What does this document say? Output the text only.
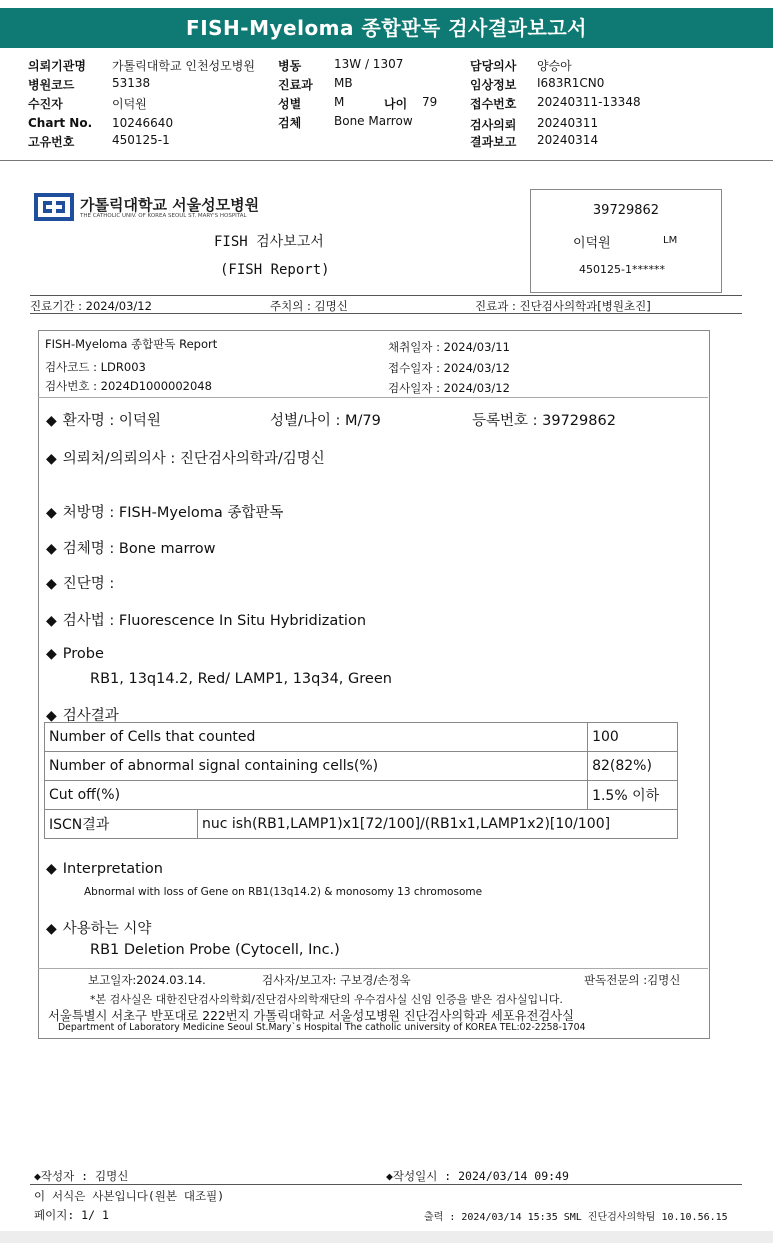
FISH-Myeloma 종합판독 검사결과보고서
의뢰기관명 가톨릭대학교 인천성모병원
병원코드	53138
수진자	이덕원
Chart No. 10246640
고유번호	450125-1
병동	13W / 1307
진료과 MB
성별	M	나이 79
검체	Bone Marrow
담당의사 양승아
임상정보 I683R1CN0
접수번호 20240311-13348
검사의뢰 20240311
결과보고 20240314
가톨릭대학교 서울성모병원
THE CATHOLIC UNIV. OF KOREA SEOUL ST. MARY'S HOSPITAL
FISH 검사보고서
(FISH Report)
39729862
이덕원	LM
450125-1******
진료기간 : 2024/03/12	주치의 : 김명신	진료과 : 진단검사의학과[병원초진]
FISH-Myeloma 종합판독 Report
검사코드 : LDR003
검사번호 : 2024D1000002048
채취일자 : 2024/03/11
접수일자 : 2024/03/12
검사일자 : 2024/03/12
◆ 환자명 : 이덕원	성별/나이 : M/79	등록번호 : 39729862
◆ 의뢰처/의뢰의사 : 진단검사의학과/김명신
◆ 처방명 : FISH-Myeloma 종합판독
◆ 검체명 : Bone marrow
◆ 진단명 :
◆ 검사법 : Fluorescence In Situ Hybridization
◆ Probe
RB1, 13q14.2, Red/ LAMP1, 13q34, Green
◆ 검사결과
Number of Cells that counted		100
Number of abnormal signal containing cells(%)		82(82%)
Cut off(%)		1.5% 이하
ISCN결과	nuc ish(RB1,LAMP1)x1[72/100]/(RB1x1,LAMP1x2)[10/100]	
◆ Interpretation
Abnormal with loss of Gene on RB1(13q14.2) & monosomy 13 chromosome
◆ 사용하는 시약
RB1 Deletion Probe (Cytocell, Inc.)
보고일자:2024.03.14.	검사자/보고자: 구보경/손정욱	판독전문의 :김명신
*본 검사실은 대한진단검사의학회/진단검사의학재단의 우수검사실 신임 인증을 받은 검사실입니다.
서울특별시 서초구 반포대로 222번지 가톨릭대학교 서울성모병원 진단검사의학과 세포유전검사실
Department of Laboratory Medicine Seoul St.Mary`s Hospital The catholic university of KOREA TEL:02-2258-1704
◆작성자 : 김명신	◆작성일시 : 2024/03/14 09:49
이 서식은 사본입니다(원본 대조필)
페이지: 1/ 1	출력 : 2024/03/14 15:35 SML 진단검사의학팀 10.10.56.15
